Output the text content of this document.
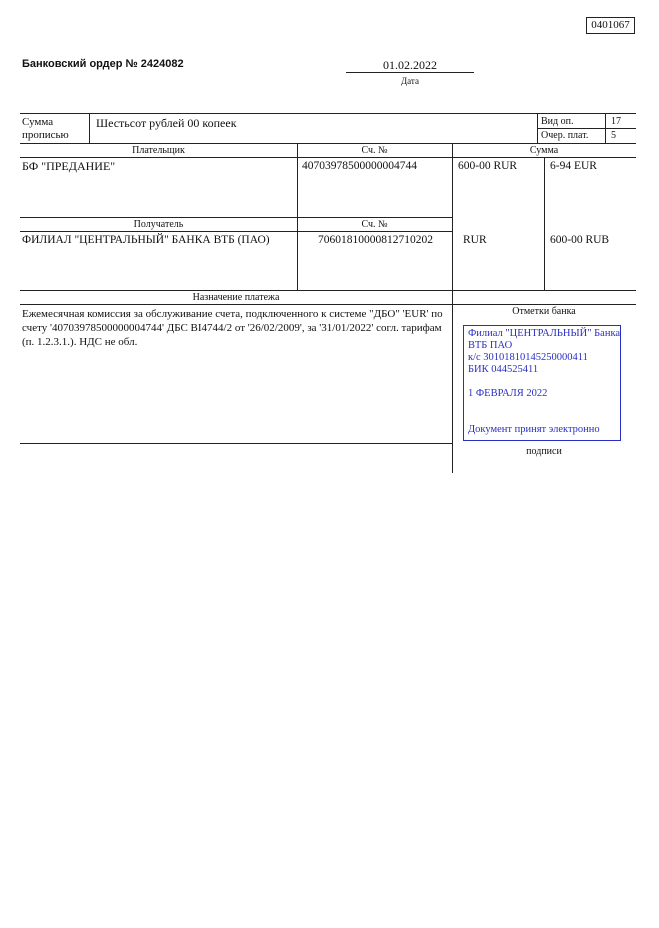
0401067
Банковский ордер № 2424082	01.02.2022
Дата
Сумма
прописью
Шестьсот рублей 00 копеек	Вид оп.	17
Очер. плат. 5
Плательщик	Сч. №	Сумма
БФ "ПРЕДАНИЕ"	40703978500000004744	600-00 RUR	6-94 EUR
Получатель	Сч. №
ФИЛИАЛ "ЦЕНТРАЛЬНЫЙ" БАНКА ВТБ (ПАО)	70601810000812710202	RUR	600-00 RUB
Назначение платежа
Отметки банка
Ежемесячная комиссия за обслуживание счета, подключенного к системе "ДБО" 'EUR' по счету '40703978500000004744' ДБС BI4744/2 от '26/02/2009', за '31/01/2022' согл. тарифам (п. 1.2.3.1.). НДС не обл.
Филиал "ЦЕНТРАЛЬНЫЙ" Банка
ВТБ ПАО
к/с 30101810145250000411
БИК 044525411
1 ФЕВРАЛЯ 2022
Документ принят электронно
подписи
